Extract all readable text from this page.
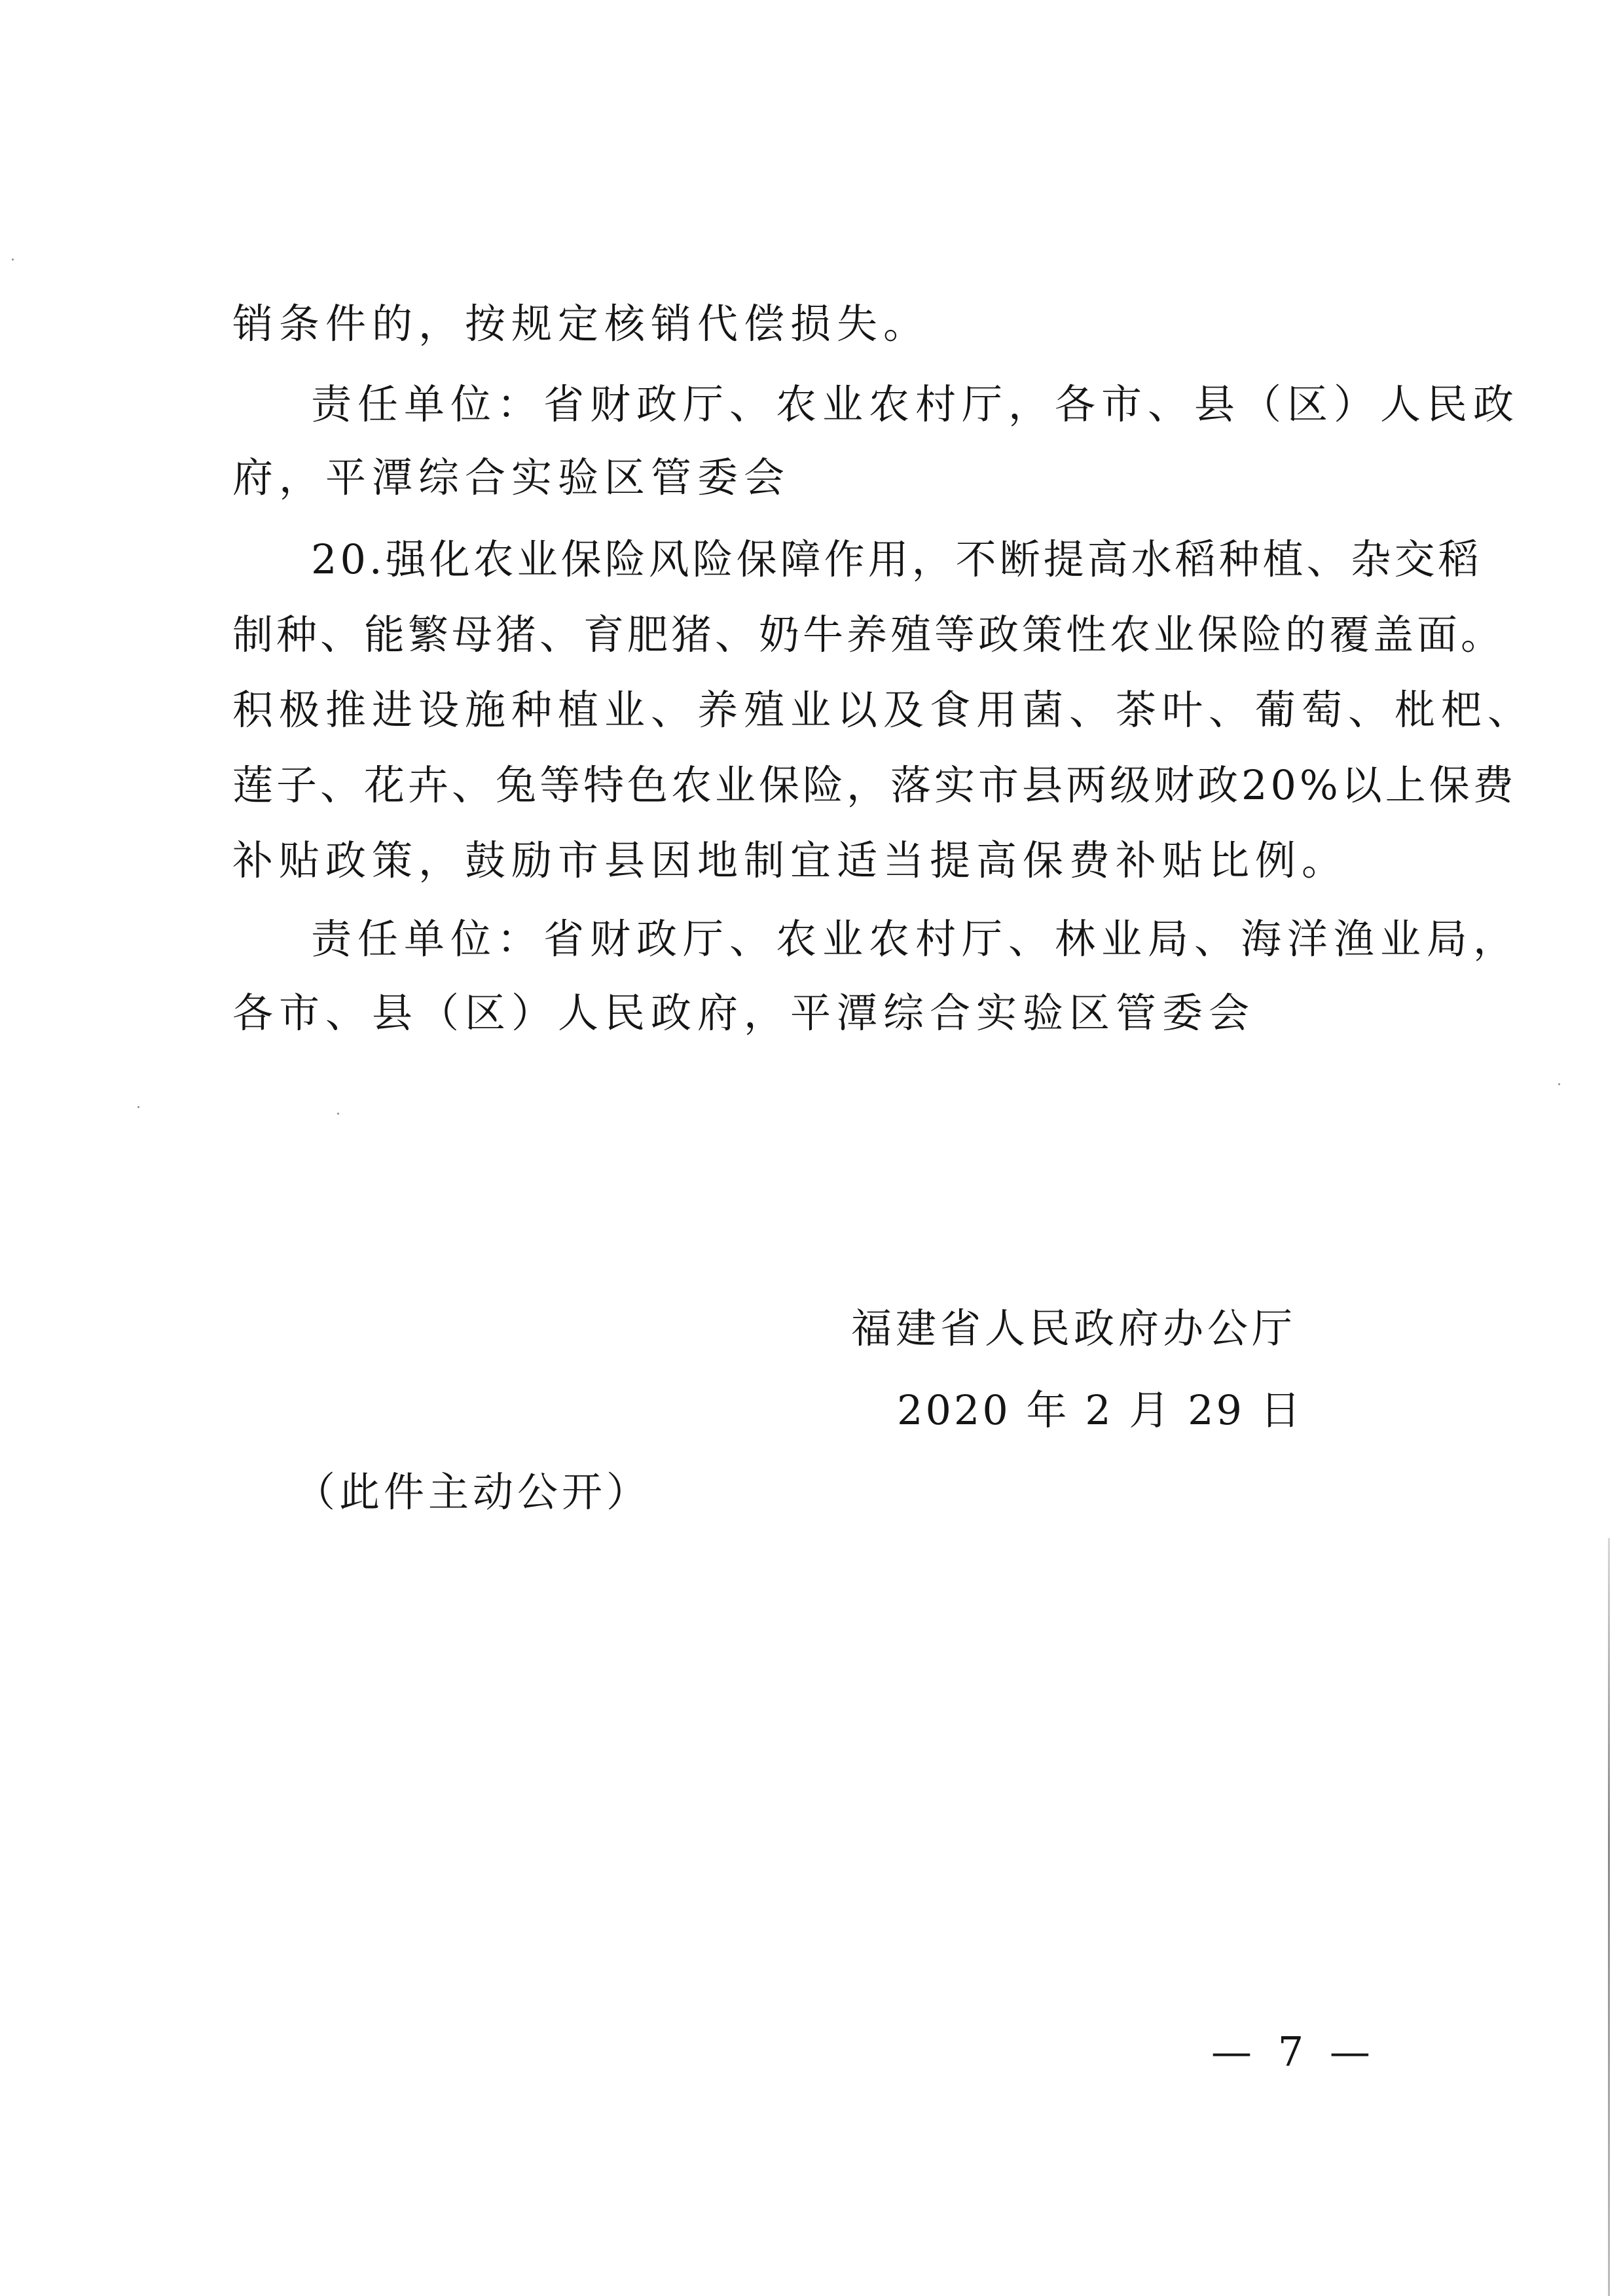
销条件的，按规定核销代偿损失。

责任单位：省财政厅、农业农村厅，各市、县（区）人民政

府，平潭综合实验区管委会

20.强化农业保险风险保障作用，不断提高水稻种植、杂交稻

制种、能繁母猪、育肥猪、奶牛养殖等政策性农业保险的覆盖面。

积极推进设施种植业、养殖业以及食用菌、茶叶、葡萄、枇杷、

莲子、花卉、兔等特色农业保险，落实市县两级财政20%以上保费

补贴政策，鼓励市县因地制宜适当提高保费补贴比例。

责任单位：省财政厅、农业农村厅、林业局、海洋渔业局，

各市、县（区）人民政府，平潭综合实验区管委会

福建省人民政府办公厅

2020 年 2 月 29 日

（此件主动公开）

— 7 —
